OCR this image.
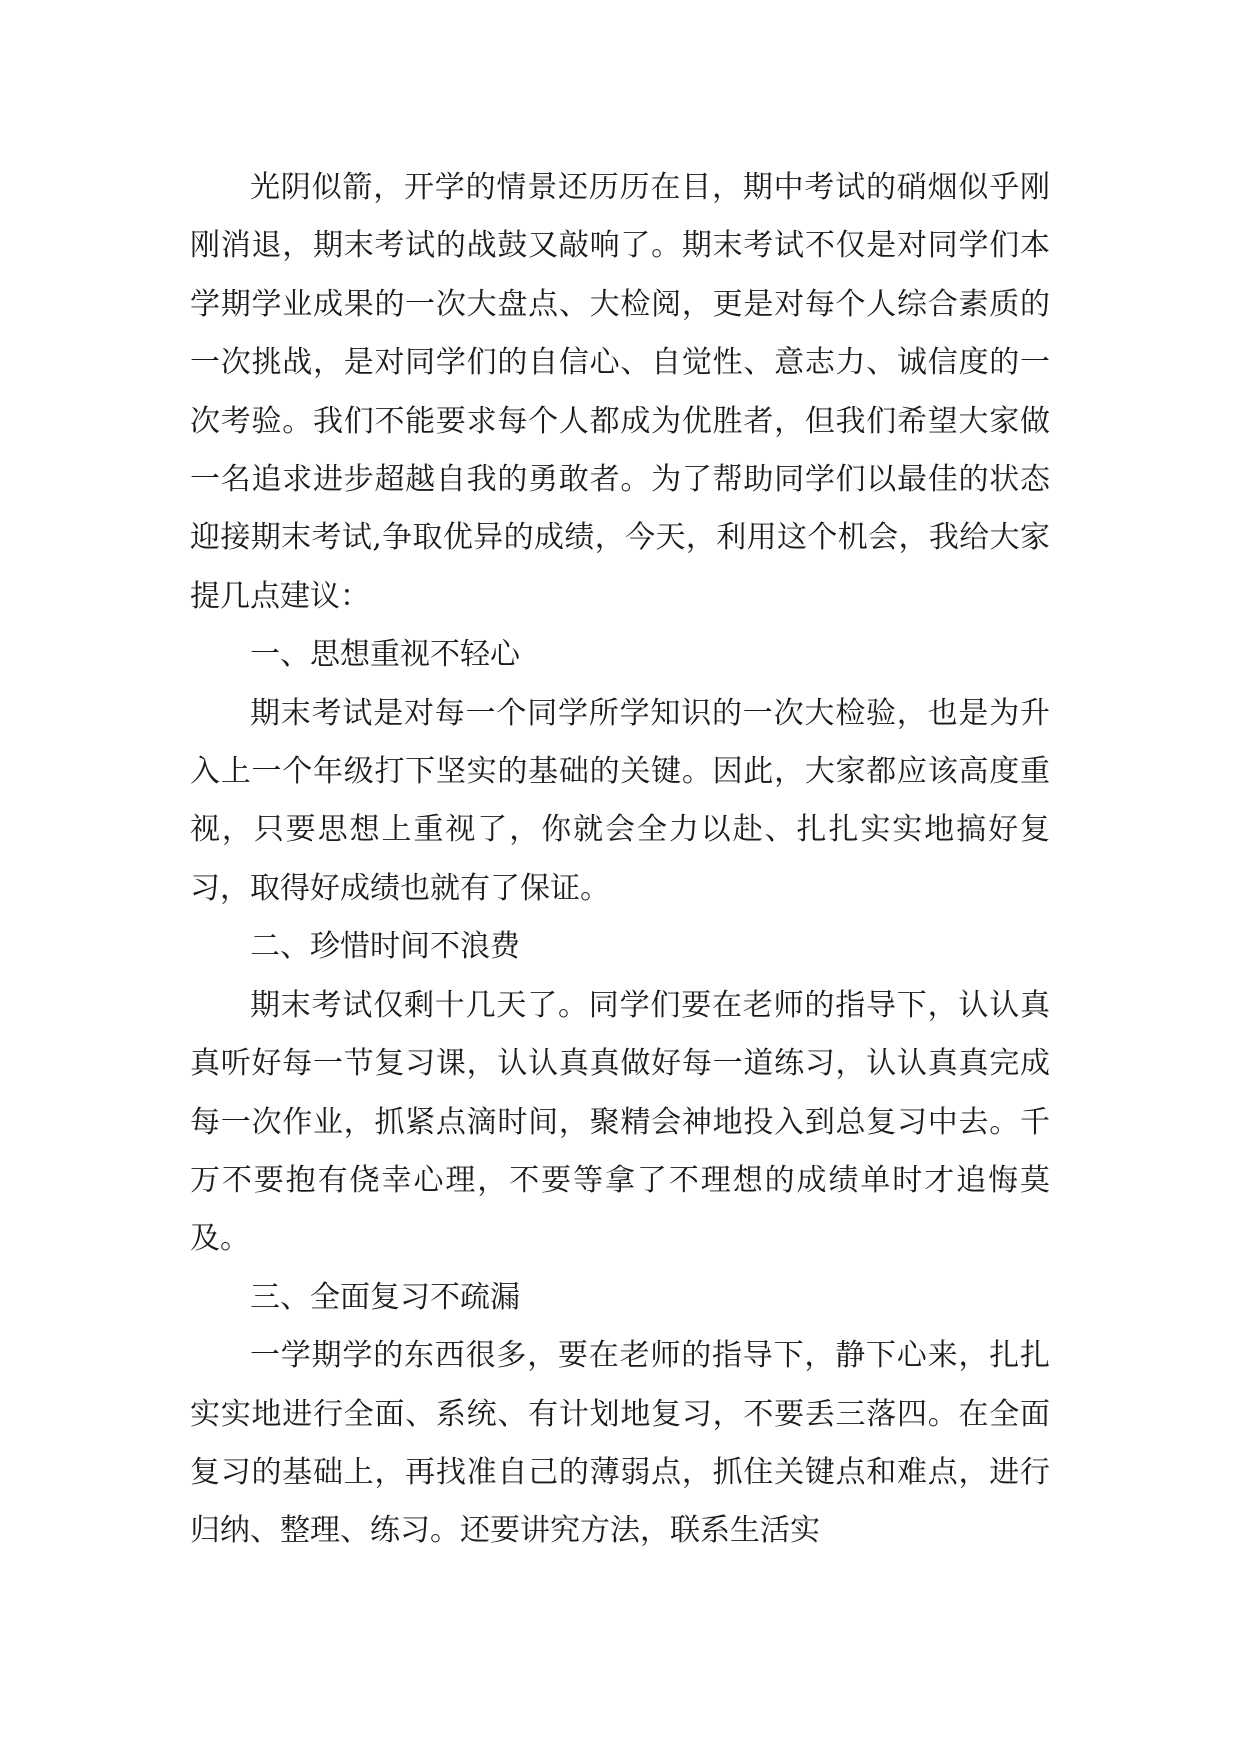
光阴似箭，开学的情景还历历在目，期中考试的硝烟似乎刚刚消退，期末考试的战鼓又敲响了。期末考试不仅是对同学们本学期学业成果的一次大盘点、大检阅，更是对每个人综合素质的一次挑战，是对同学们的自信心、自觉性、意志力、诚信度的一次考验。我们不能要求每个人都成为优胜者，但我们希望大家做一名追求进步超越自我的勇敢者。为了帮助同学们以最佳的状态迎接期末考试,争取优异的成绩，今天，利用这个机会，我给大家提几点建议：

一、思想重视不轻心

期末考试是对每一个同学所学知识的一次大检验，也是为升入上一个年级打下坚实的基础的关键。因此，大家都应该高度重视，只要思想上重视了，你就会全力以赴、扎扎实实地搞好复习，取得好成绩也就有了保证。

二、珍惜时间不浪费

期末考试仅剩十几天了。同学们要在老师的指导下，认认真真听好每一节复习课，认认真真做好每一道练习，认认真真完成每一次作业，抓紧点滴时间，聚精会神地投入到总复习中去。千万不要抱有侥幸心理，不要等拿了不理想的成绩单时才追悔莫及。

三、全面复习不疏漏

一学期学的东西很多，要在老师的指导下，静下心来，扎扎实实地进行全面、系统、有计划地复习，不要丢三落四。在全面复习的基础上，再找准自己的薄弱点，抓住关键点和难点，进行归纳、整理、练习。还要讲究方法，联系生活实
